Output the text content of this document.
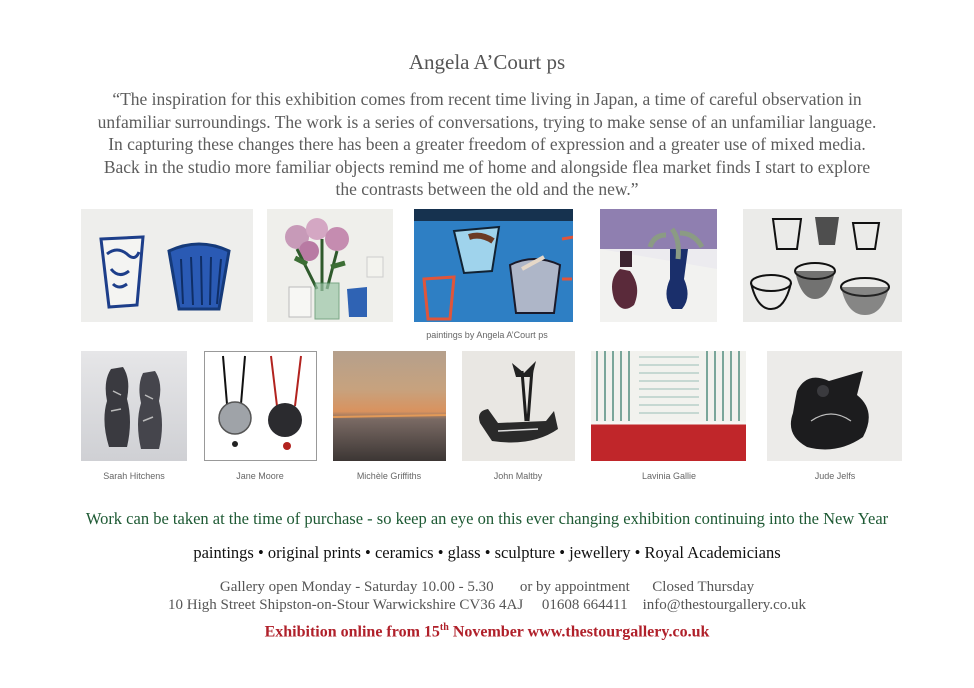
Angela A’Court ps
“The inspiration for this exhibition comes from recent time living in Japan, a time of careful observation in
unfamiliar surroundings. The work is a series of conversations, trying to make sense of an unfamiliar language.
In capturing these changes there has been a greater freedom of expression and a greater use of mixed media.
Back in the studio more familiar objects remind me of home and alongside flea market finds I start to explore
the contrasts between the old and the new.”
paintings by Angela A’Court ps
Sarah Hitchens	Jane Moore	Michèle Griffiths	John Maltby	Lavinia Gallie	Jude Jelfs
Work can be taken at the time of purchase - so keep an eye on this ever changing exhibition continuing into the New Year
paintings • original prints • ceramics • glass • sculpture • jewellery • Royal Academicians
Gallery open Monday - Saturday 10.00 - 5.30       or by appointment      Closed Thursday
10 High Street Shipston-on-Stour Warwickshire CV36 4AJ     01608 664411    info@thestourgallery.co.uk
Exhibition online from 15th November www.thestourgallery.co.uk
